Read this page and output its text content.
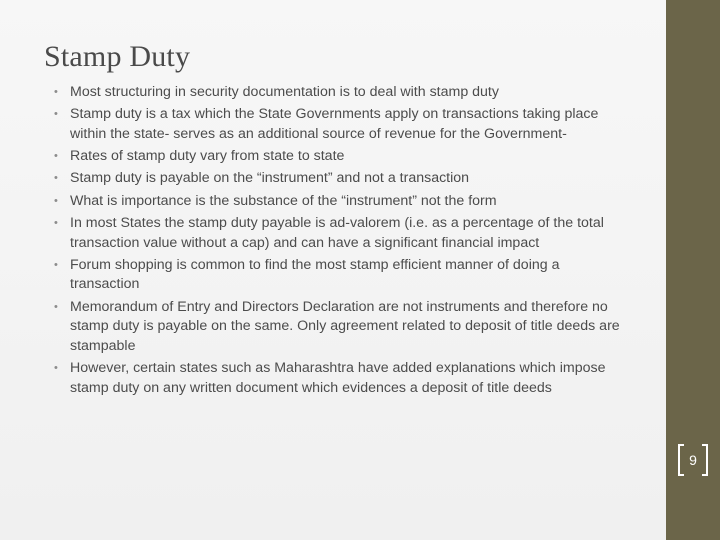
Stamp Duty
• Most structuring in security documentation is to deal with stamp duty
• Stamp duty is a tax which the State Governments apply on transactions taking place within the state- serves as an additional source of revenue for the Government-
• Rates of stamp duty vary from state to state
• Stamp duty is payable on the “instrument” and not a transaction
• What is importance is the substance of the “instrument” not the form
• In most States the stamp duty payable is ad-valorem (i.e. as a percentage of the total transaction value without a cap) and can have a significant financial impact
• Forum shopping is common to find the most stamp efficient manner of doing a transaction
• Memorandum of Entry and Directors Declaration are not instruments and therefore no stamp duty is payable on the same. Only agreement related to deposit of title deeds are stampable
• However, certain states such as Maharashtra have added explanations which impose stamp duty on any written document which evidences a deposit of title deeds
9
